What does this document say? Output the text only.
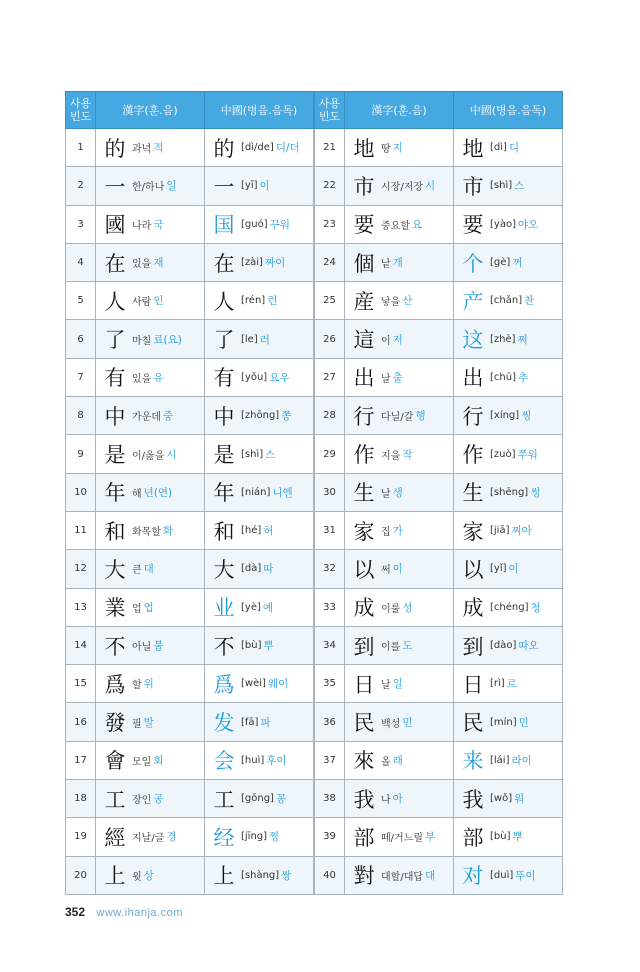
사용
빈도	漢字(훈.음)	中國(병음.음독)
1	的 과녁 적	的 [dì/de] 디/더
2	一 한/하나 일	一 [yī] 이
3	國 나라 국	国 [guó] 꾸워
4	在 있을 재	在 [zài] 짜이
5	人 사람 인	人 [rén] 런
6	了 마칠 료(요)	了 [le] 러
7	有 있을 유	有 [yǒu] 요우
8	中 가운데 중	中 [zhōng] 쫑
9	是 이/옳을 시	是 [shì] 스
10	年 해 년(연)	年 [nián] 니엔
11	和 화목할 화	和 [hé] 허
12	大 큰 대	大 [dà] 따
13	業 업 업	业 [yè] 예
14	不 아닐 불	不 [bù] 뿌
15	爲 할 위	爲 [wèi] 웨이
16	發 필 발	发 [fā] 파
17	會 모일 회	会 [huì] 후이
18	工 장인 공	工 [gōng] 꽁
19	經 지날/글 경	经 [jīng] 찡
20	上 윗 상	上 [shàng] 쌍
사용
빈도	漢字(훈.음)	中國(병음.음독)
21	地 땅 지	地 [dì] 디
22	市 시장/저장 시	市 [shì] 스
23	要 중요할 요	要 [yào] 야오
24	個 낱 개	个 [gè] 꺼
25	産 낳을 산	产 [chǎn] 찬
26	這 이 저	这 [zhè] 쩌
27	出 날 출	出 [chū] 추
28	行 다닐/갈 행	行 [xíng] 씽
29	作 지을 작	作 [zuò] 쭈워
30	生 날 생	生 [shēng] 썽
31	家 집 가	家 [jiā] 찌아
32	以 써 이	以 [yǐ] 이
33	成 이룰 성	成 [chéng] 청
34	到 이를 도	到 [dào] 따오
35	日 날 일	日 [rì] 르
36	民 백성 민	民 [mín] 민
37	來 올 래	来 [lái] 라이
38	我 나 아	我 [wǒ] 워
39	部 떼/거느릴 부	部 [bù] 뿌
40	對 대할/대답 대	对 [duì] 뚜이
352 www.ihanja.com
